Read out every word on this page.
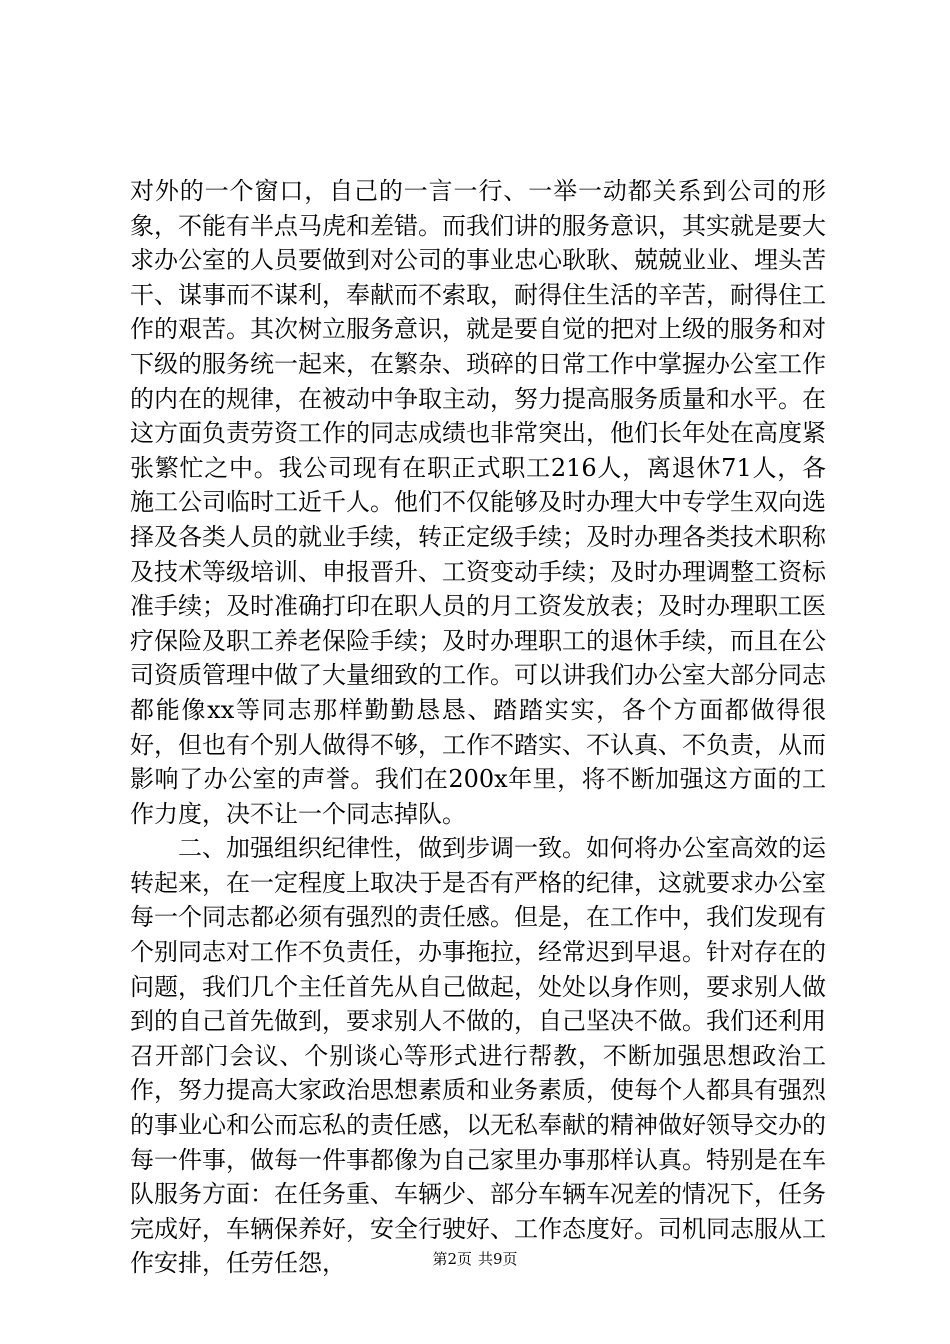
对外的一个窗口，自己的一言一行、一举一动都关系到公司的形象，不能有半点马虎和差错。而我们讲的服务意识，其实就是要大求办公室的人员要做到对公司的事业忠心耿耿、兢兢业业、埋头苦干、谋事而不谋利，奉献而不索取，耐得住生活的辛苦，耐得住工作的艰苦。其次树立服务意识，就是要自觉的把对上级的服务和对下级的服务统一起来，在繁杂、琐碎的日常工作中掌握办公室工作的内在的规律，在被动中争取主动，努力提高服务质量和水平。在这方面负责劳资工作的同志成绩也非常突出，他们长年处在高度紧张繁忙之中。我公司现有在职正式职工216人，离退休71人，各施工公司临时工近千人。他们不仅能够及时办理大中专学生双向选择及各类人员的就业手续，转正定级手续；及时办理各类技术职称及技术等级培训、申报晋升、工资变动手续；及时办理调整工资标准手续；及时准确打印在职人员的月工资发放表；及时办理职工医疗保险及职工养老保险手续；及时办理职工的退休手续，而且在公司资质管理中做了大量细致的工作。可以讲我们办公室大部分同志都能像xx等同志那样勤勤恳恳、踏踏实实，各个方面都做得很好，但也有个别人做得不够，工作不踏实、不认真、不负责，从而影响了办公室的声誉。我们在200x年里，将不断加强这方面的工作力度，决不让一个同志掉队。

二、加强组织纪律性，做到步调一致。如何将办公室高效的运转起来，在一定程度上取决于是否有严格的纪律，这就要求办公室每一个同志都必须有强烈的责任感。但是，在工作中，我们发现有个别同志对工作不负责任，办事拖拉，经常迟到早退。针对存在的问题，我们几个主任首先从自己做起，处处以身作则，要求别人做到的自己首先做到，要求别人不做的，自己坚决不做。我们还利用召开部门会议、个别谈心等形式进行帮教，不断加强思想政治工作，努力提高大家政治思想素质和业务素质，使每个人都具有强烈的事业心和公而忘私的责任感，以无私奉献的精神做好领导交办的每一件事，做每一件事都像为自己家里办事那样认真。特别是在车队服务方面：在任务重、车辆少、部分车辆车况差的情况下，任务完成好，车辆保养好，安全行驶好、工作态度好。司机同志服从工作安排，任劳任怨，	第2页 共9页
